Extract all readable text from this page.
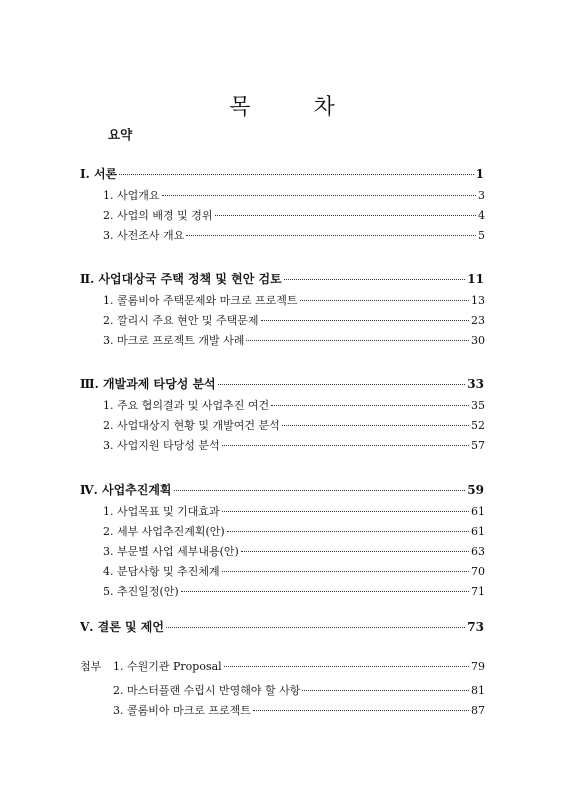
목 차
요약
Ⅰ. 서론	1
1. 사업개요	3
2. 사업의 배경 및 경위	4
3. 사전조사 개요	5
Ⅱ. 사업대상국 주택 정책 및 현안 검토	11
1. 콜롬비아 주택문제와 마크로 프로젝트	13
2. 깔리시 주요 현안 및 주택문제	23
3. 마크로 프로젝트 개발 사례	30
Ⅲ. 개발과제 타당성 분석	33
1. 주요 협의결과 및 사업추진 여건	35
2. 사업대상지 현황 및 개발여건 분석	52
3. 사업지원 타당성 분석	57
Ⅳ. 사업추진계획	59
1. 사업목표 및 기대효과	61
2. 세부 사업추진계획(안)	61
3. 부문별 사업 세부내용(안)	63
4. 분담사항 및 추진체계	70
5. 추진일정(안)	71
Ⅴ. 결론 및 제언	73
첨부 1. 수원기관 Proposal	79
2. 마스터플랜 수립시 반영해야 할 사항	81
3. 콜롬비아 마크로 프로젝트	87
